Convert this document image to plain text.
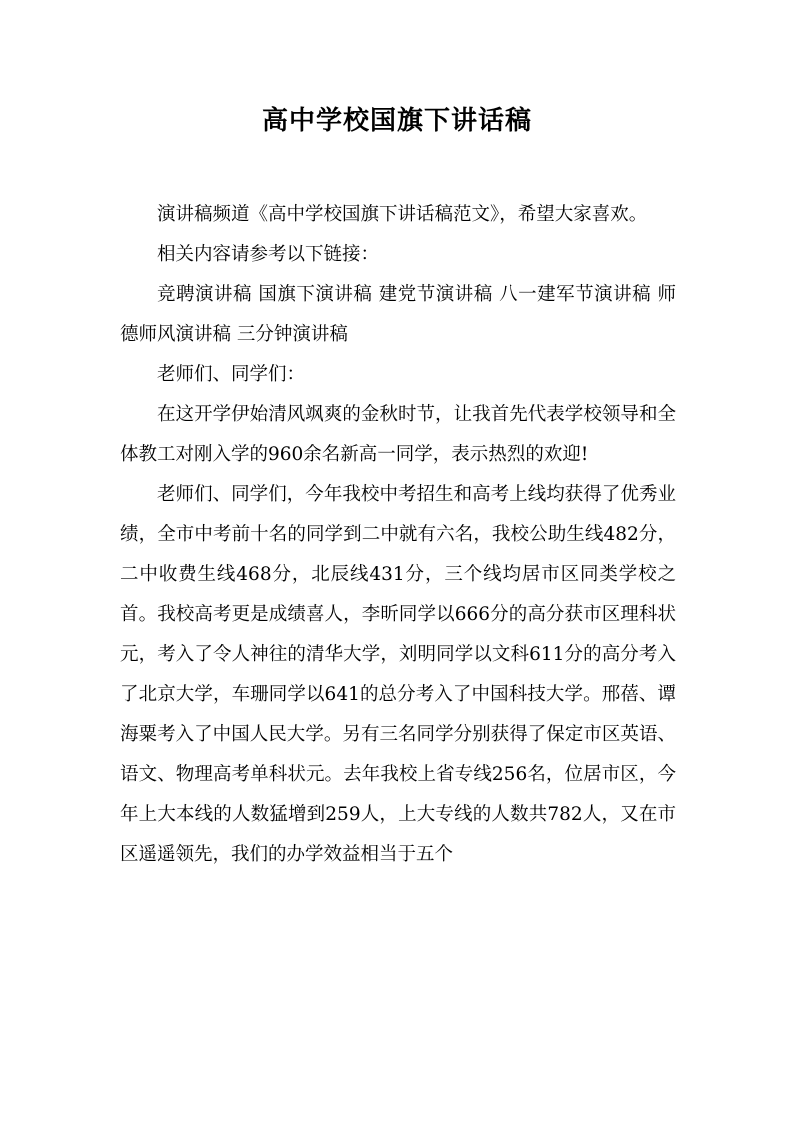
高中学校国旗下讲话稿

演讲稿频道《高中学校国旗下讲话稿范文》，希望大家喜欢。

相关内容请参考以下链接：

竞聘演讲稿 国旗下演讲稿 建党节演讲稿 八一建军节演讲稿 师德师风演讲稿 三分钟演讲稿

老师们、同学们：

在这开学伊始清风飒爽的金秋时节，让我首先代表学校领导和全体教工对刚入学的960余名新高一同学，表示热烈的欢迎!

老师们、同学们，今年我校中考招生和高考上线均获得了优秀业绩，全市中考前十名的同学到二中就有六名，我校公助生线482分，二中收费生线468分，北辰线431分，三个线均居市区同类学校之首。我校高考更是成绩喜人，李昕同学以666分的高分获市区理科状元，考入了令人神往的清华大学，刘明同学以文科611分的高分考入了北京大学，车珊同学以641的总分考入了中国科技大学。邢蓓、谭海粟考入了中国人民大学。另有三名同学分别获得了保定市区英语、语文、物理高考单科状元。去年我校上省专线256名，位居市区，今年上大本线的人数猛增到259人，上大专线的人数共782人，又在市区遥遥领先，我们的办学效益相当于五个
